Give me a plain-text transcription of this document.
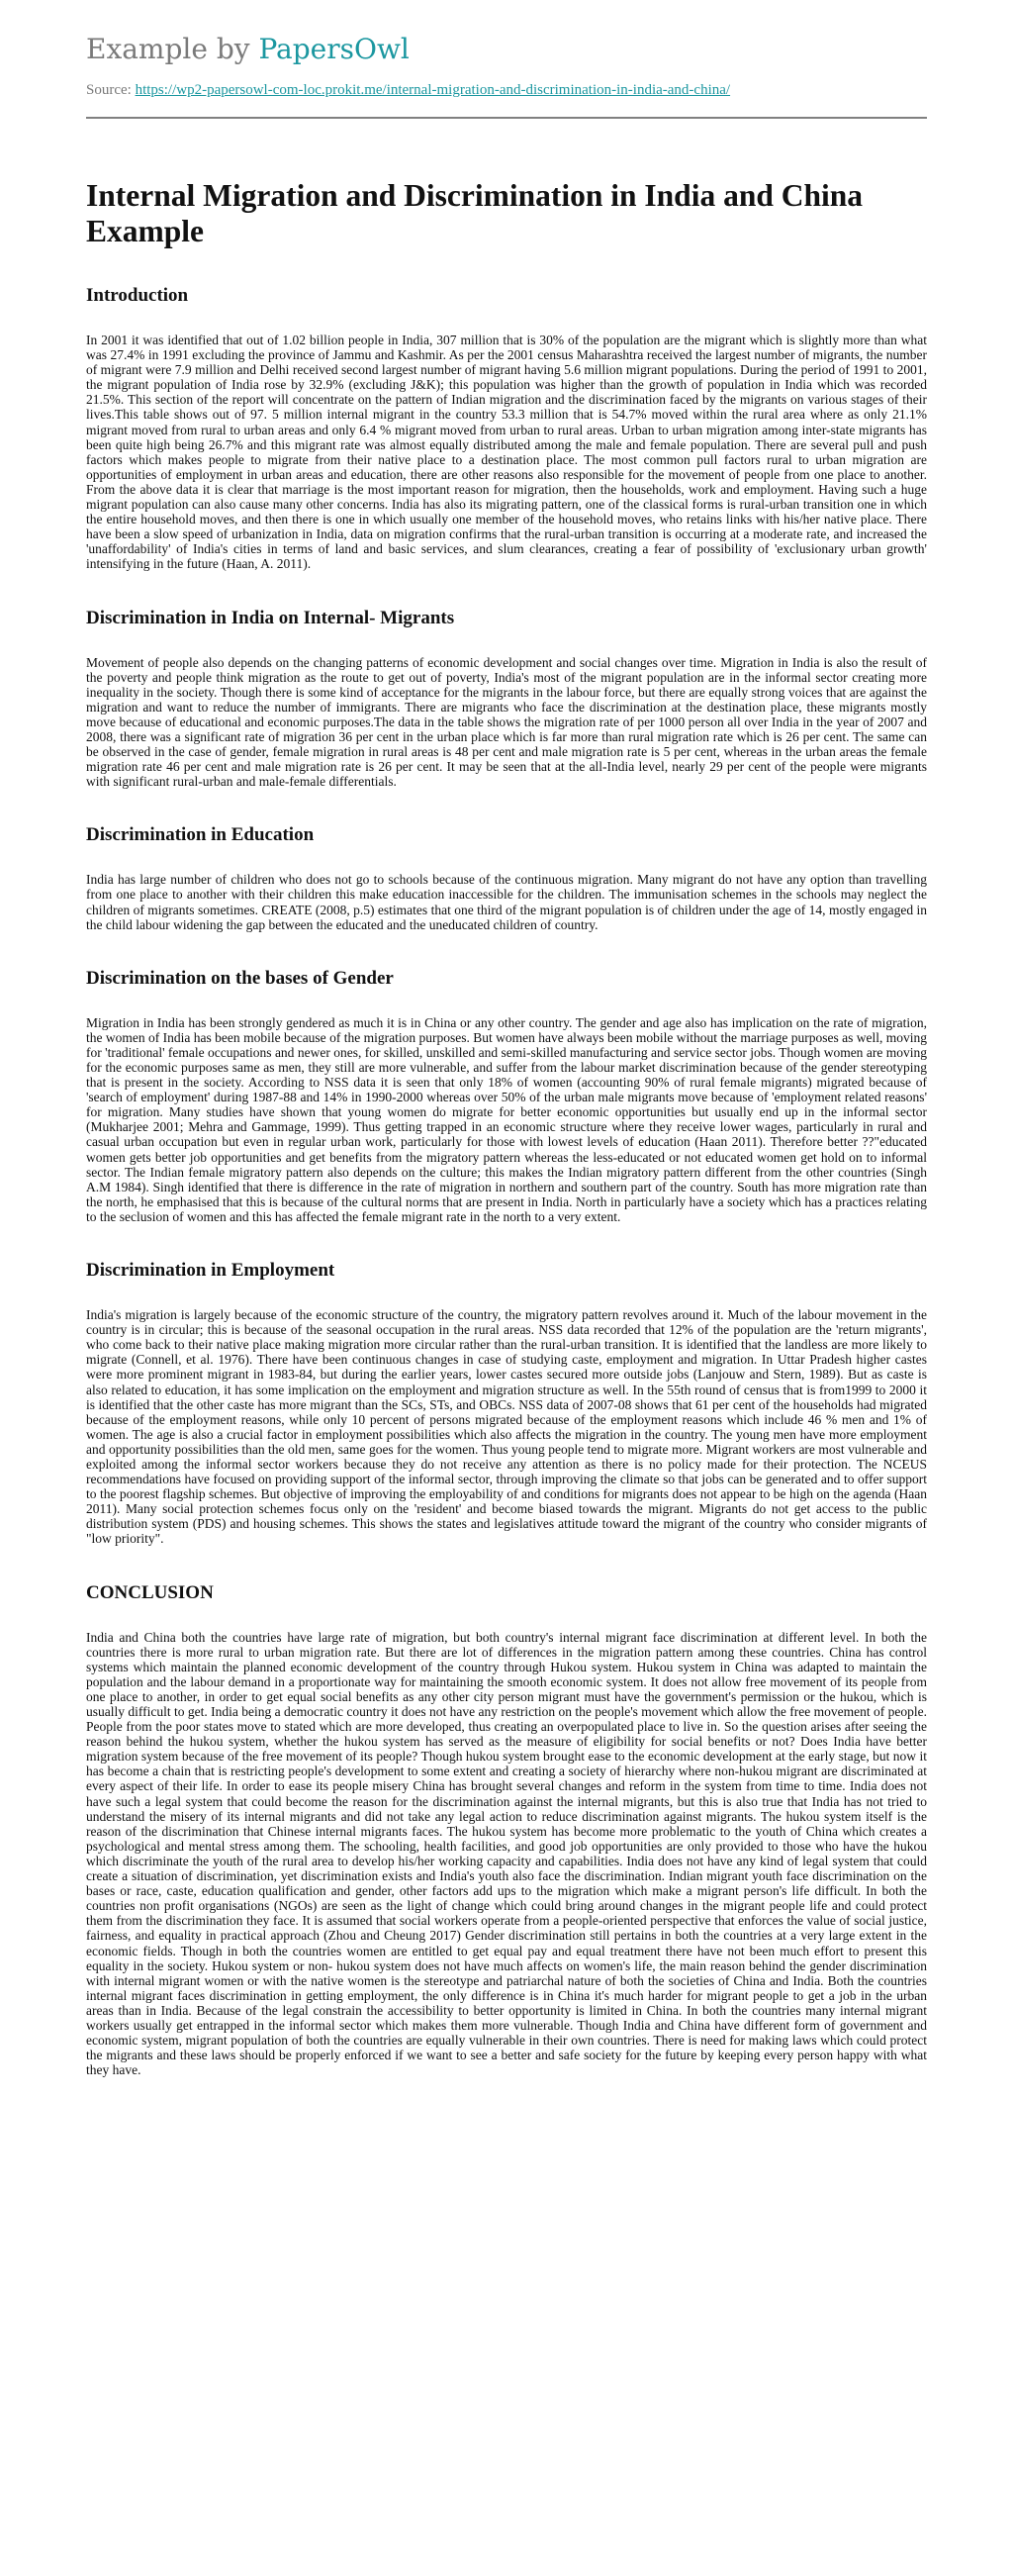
Example by PapersOwl
Source: https://wp2-papersowl-com-loc.prokit.me/internal-migration-and-discrimination-in-india-and-china/
Internal Migration and Discrimination in India and China Example
Introduction

In 2001 it was identified that out of 1.02 billion people in India, 307 million that is 30% of the population are the migrant which is slightly more than what was 27.4% in 1991 excluding the province of Jammu and Kashmir. As per the 2001 census Maharashtra received the largest number of migrants, the number of migrant were 7.9 million and Delhi received second largest number of migrant having 5.6 million migrant populations. During the period of 1991 to 2001, the migrant population of India rose by 32.9% (excluding J&K); this population was higher than the growth of population in India which was recorded 21.5%. This section of the report will concentrate on the pattern of Indian migration and the discrimination faced by the migrants on various stages of their lives.This table shows out of 97. 5 million internal migrant in the country 53.3 million that is 54.7% moved within the rural area where as only 21.1% migrant moved from rural to urban areas and only 6.4 % migrant moved from urban to rural areas. Urban to urban migration among inter-state migrants has been quite high being 26.7% and this migrant rate was almost equally distributed among the male and female population. There are several pull and push factors which makes people to migrate from their native place to a destination place. The most common pull factors rural to urban migration are opportunities of employment in urban areas and education, there are other reasons also responsible for the movement of people from one place to another. From the above data it is clear that marriage is the most important reason for migration, then the households, work and employment. Having such a huge migrant population can also cause many other concerns. India has also its migrating pattern, one of the classical forms is rural-urban transition one in which the entire household moves, and then there is one in which usually one member of the household moves, who retains links with his/her native place. There have been a slow speed of urbanization in India, data on migration confirms that the rural-urban transition is occurring at a moderate rate, and increased the 'unaffordability' of India's cities in terms of land and basic services, and slum clearances, creating a fear of possibility of 'exclusionary urban growth' intensifying in the future (Haan, A. 2011).

Discrimination in India on Internal- Migrants

Movement of people also depends on the changing patterns of economic development and social changes over time. Migration in India is also the result of the poverty and people think migration as the route to get out of poverty, India's most of the migrant population are in the informal sector creating more inequality in the society. Though there is some kind of acceptance for the migrants in the labour force, but there are equally strong voices that are against the migration and want to reduce the number of immigrants. There are migrants who face the discrimination at the destination place, these migrants mostly move because of educational and economic purposes.The data in the table shows the migration rate of per 1000 person all over India in the year of 2007 and 2008, there was a significant rate of migration 36 per cent in the urban place which is far more than rural migration rate which is 26 per cent. The same can be observed in the case of gender, female migration in rural areas is 48 per cent and male migration rate is 5 per cent, whereas in the urban areas the female migration rate 46 per cent and male migration rate is 26 per cent. It may be seen that at the all-India level, nearly 29 per cent of the people were migrants with significant rural-urban and male-female differentials.

Discrimination in Education

India has large number of children who does not go to schools because of the continuous migration. Many migrant do not have any option than travelling from one place to another with their children this make education inaccessible for the children. The immunisation schemes in the schools may neglect the children of migrants sometimes. CREATE (2008, p.5) estimates that one third of the migrant population is of children under the age of 14, mostly engaged in the child labour widening the gap between the educated and the uneducated children of country.

Discrimination on the bases of Gender

Migration in India has been strongly gendered as much it is in China or any other country. The gender and age also has implication on the rate of migration, the women of India has been mobile because of the migration purposes. But women have always been mobile without the marriage purposes as well, moving for 'traditional' female occupations and newer ones, for skilled, unskilled and semi-skilled manufacturing and service sector jobs. Though women are moving for the economic purposes same as men, they still are more vulnerable, and suffer from the labour market discrimination because of the gender stereotyping that is present in the society. According to NSS data it is seen that only 18% of women (accounting 90% of rural female migrants) migrated because of 'search of employment' during 1987-88 and 14% in 1990-2000 whereas over 50% of the urban male migrants move because of 'employment related reasons' for migration. Many studies have shown that young women do migrate for better economic opportunities but usually end up in the informal sector (Mukharjee 2001; Mehra and Gammage, 1999). Thus getting trapped in an economic structure where they receive lower wages, particularly in rural and casual urban occupation but even in regular urban work, particularly for those with lowest levels of education (Haan 2011). Therefore better ??"educated women gets better job opportunities and get benefits from the migratory pattern whereas the less-educated or not educated women get hold on to informal sector. The Indian female migratory pattern also depends on the culture; this makes the Indian migratory pattern different from the other countries (Singh A.M 1984). Singh identified that there is difference in the rate of migration in northern and southern part of the country. South has more migration rate than the north, he emphasised that this is because of the cultural norms that are present in India. North in particularly have a society which has a practices relating to the seclusion of women and this has affected the female migrant rate in the north to a very extent.

Discrimination in Employment

India's migration is largely because of the economic structure of the country, the migratory pattern revolves around it. Much of the labour movement in the country is in circular; this is because of the seasonal occupation in the rural areas. NSS data recorded that 12% of the population are the 'return migrants', who come back to their native place making migration more circular rather than the rural-urban transition. It is identified that the landless are more likely to migrate (Connell, et al. 1976). There have been continuous changes in case of studying caste, employment and migration. In Uttar Pradesh higher castes were more prominent migrant in 1983-84, but during the earlier years, lower castes secured more outside jobs (Lanjouw and Stern, 1989). But as caste is also related to education, it has some implication on the employment and migration structure as well. In the 55th round of census that is from1999 to 2000 it is identified that the other caste has more migrant than the SCs, STs, and OBCs. NSS data of 2007-08 shows that 61 per cent of the households had migrated because of the employment reasons, while only 10 percent of persons migrated because of the employment reasons which include 46 % men and 1% of women. The age is also a crucial factor in employment possibilities which also affects the migration in the country. The young men have more employment and opportunity possibilities than the old men, same goes for the women. Thus young people tend to migrate more. Migrant workers are most vulnerable and exploited among the informal sector workers because they do not receive any attention as there is no policy made for their protection. The NCEUS recommendations have focused on providing support of the informal sector, through improving the climate so that jobs can be generated and to offer support to the poorest flagship schemes. But objective of improving the employability of and conditions for migrants does not appear to be high on the agenda (Haan 2011). Many social protection schemes focus only on the 'resident' and become biased towards the migrant. Migrants do not get access to the public distribution system (PDS) and housing schemes. This shows the states and legislatives attitude toward the migrant of the country who consider migrants of "low priority".

CONCLUSION

India and China both the countries have large rate of migration, but both country's internal migrant face discrimination at different level. In both the countries there is more rural to urban migration rate. But there are lot of differences in the migration pattern among these countries. China has control systems which maintain the planned economic development of the country through Hukou system. Hukou system in China was adapted to maintain the population and the labour demand in a proportionate way for maintaining the smooth economic system. It does not allow free movement of its people from one place to another, in order to get equal social benefits as any other city person migrant must have the government's permission or the hukou, which is usually difficult to get. India being a democratic country it does not have any restriction on the people's movement which allow the free movement of people. People from the poor states move to stated which are more developed, thus creating an overpopulated place to live in. So the question arises after seeing the reason behind the hukou system, whether the hukou system has served as the measure of eligibility for social benefits or not? Does India have better migration system because of the free movement of its people? Though hukou system brought ease to the economic development at the early stage, but now it has become a chain that is restricting people's development to some extent and creating a society of hierarchy where non-hukou migrant are discriminated at every aspect of their life. In order to ease its people misery China has brought several changes and reform in the system from time to time. India does not have such a legal system that could become the reason for the discrimination against the internal migrants, but this is also true that India has not tried to understand the misery of its internal migrants and did not take any legal action to reduce discrimination against migrants. The hukou system itself is the reason of the discrimination that Chinese internal migrants faces. The hukou system has become more problematic to the youth of China which creates a psychological and mental stress among them. The schooling, health facilities, and good job opportunities are only provided to those who have the hukou which discriminate the youth of the rural area to develop his/her working capacity and capabilities. India does not have any kind of legal system that could create a situation of discrimination, yet discrimination exists and India's youth also face the discrimination. Indian migrant youth face discrimination on the bases or race, caste, education qualification and gender, other factors add ups to the migration which make a migrant person's life difficult. In both the countries non profit organisations (NGOs) are seen as the light of change which could bring around changes in the migrant people life and could protect them from the discrimination they face. It is assumed that social workers operate from a people-oriented perspective that enforces the value of social justice, fairness, and equality in practical approach (Zhou and Cheung 2017) Gender discrimination still pertains in both the countries at a very large extent in the economic fields. Though in both the countries women are entitled to get equal pay and equal treatment there have not been much effort to present this equality in the society. Hukou system or non- hukou system does not have much affects on women's life, the main reason behind the gender discrimination with internal migrant women or with the native women is the stereotype and patriarchal nature of both the societies of China and India. Both the countries internal migrant faces discrimination in getting employment, the only difference is in China it's much harder for migrant people to get a job in the urban areas than in India. Because of the legal constrain the accessibility to better opportunity is limited in China. In both the countries many internal migrant workers usually get entrapped in the informal sector which makes them more vulnerable. Though India and China have different form of government and economic system, migrant population of both the countries are equally vulnerable in their own countries. There is need for making laws which could protect the migrants and these laws should be properly enforced if we want to see a better and safe society for the future by keeping every person happy with what they have.
